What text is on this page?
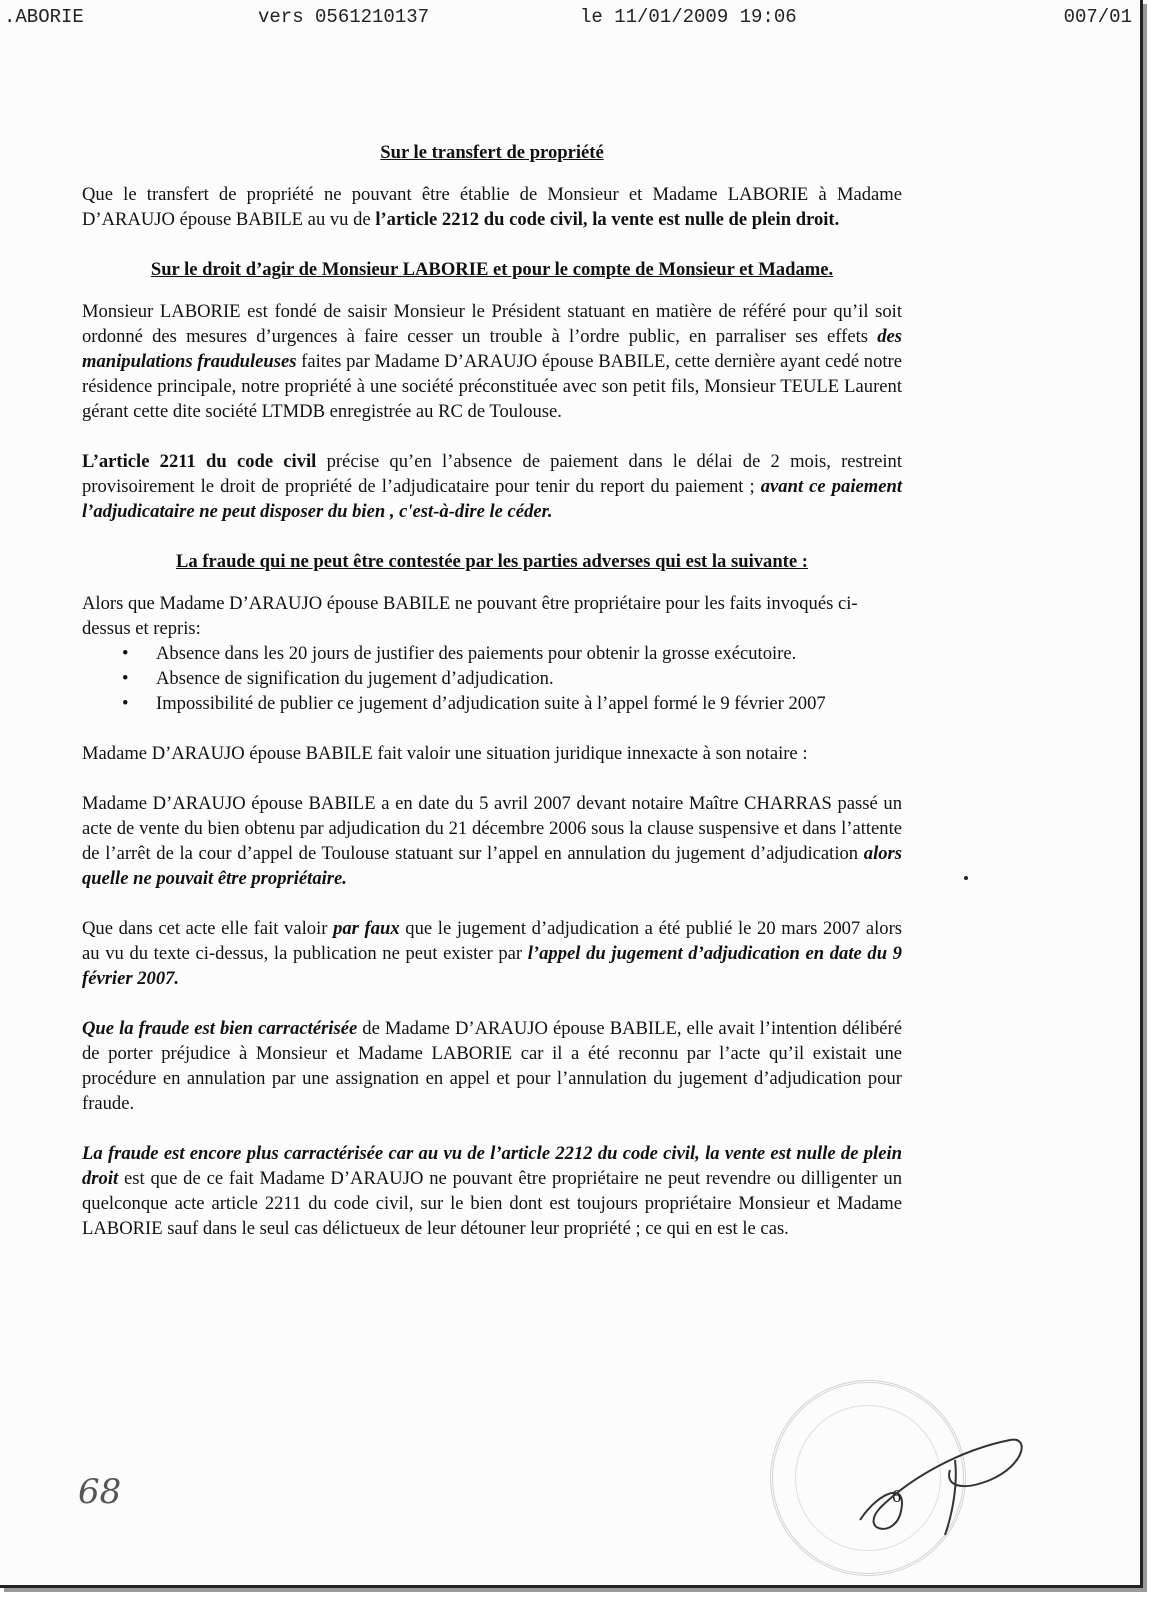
.ABORIE	vers 0561210137	le 11/01/2009 19:06	007/01
Sur le transfert de propriété

Que le transfert de propriété ne pouvant être établie de Monsieur et Madame LABORIE à Madame D’ARAUJO épouse BABILE au vu de l’article 2212 du code civil, la vente est nulle de plein droit.

Sur le droit d’agir de Monsieur LABORIE et pour le compte de Monsieur et Madame.

Monsieur LABORIE est fondé de saisir Monsieur le Président statuant en matière de référé pour qu’il soit ordonné des mesures d’urgences à faire cesser un trouble à l’ordre public, en parraliser ses effets des manipulations frauduleuses faites par Madame D’ARAUJO épouse BABILE, cette dernière ayant cedé notre résidence principale, notre propriété à une société préconstituée avec son petit fils, Monsieur TEULE Laurent gérant cette dite société LTMDB enregistrée au RC de Toulouse.

L’article 2211 du code civil précise qu’en l’absence de paiement dans le délai de 2 mois, restreint provisoirement le droit de propriété de l’adjudicataire pour tenir du report du paiement ; avant ce paiement l’adjudicataire ne peut disposer du bien , c'est-à-dire le céder.

La fraude qui ne peut être contestée par les parties adverses qui est la suivante :

Alors que Madame D’ARAUJO épouse BABILE ne pouvant être propriétaire pour les faits invoqués ci-dessus et repris:

• Absence dans les 20 jours de justifier des paiements pour obtenir la grosse exécutoire.
• Absence de signification du jugement d’adjudication.
• Impossibilité de publier ce jugement d’adjudication suite à l’appel formé le 9 février 2007

Madame D’ARAUJO épouse BABILE fait valoir une situation juridique innexacte à son notaire :

Madame D’ARAUJO épouse BABILE a en date du 5 avril 2007 devant notaire Maître CHARRAS passé un acte de vente du bien obtenu par adjudication du 21 décembre 2006 sous la clause suspensive et dans l’attente de l’arrêt de la cour d’appel de Toulouse statuant sur l’appel en annulation du jugement d’adjudication alors quelle ne pouvait être propriétaire.

Que dans cet acte elle fait valoir par faux que le jugement d’adjudication a été publié le 20 mars 2007 alors au vu du texte ci-dessus, la publication ne peut exister par l’appel du jugement d’adjudication en date du 9 février 2007.

Que la fraude est bien carractérisée de Madame D’ARAUJO épouse BABILE, elle avait l’intention délibéré de porter préjudice à Monsieur et Madame LABORIE car il a été reconnu par l’acte qu’il existait une procédure en annulation par une assignation en appel et pour l’annulation du jugement d’adjudication pour fraude.

La fraude est encore plus carractérisée car au vu de l’article 2212 du code civil, la vente est nulle de plein droit est que de ce fait Madame D’ARAUJO ne pouvant être propriétaire ne peut revendre ou dilligenter un quelconque acte article 2211 du code civil, sur le bien dont est toujours propriétaire Monsieur et Madame LABORIE sauf dans le seul cas délictueux de leur détouner leur propriété ; ce qui en est le cas.

68	6
